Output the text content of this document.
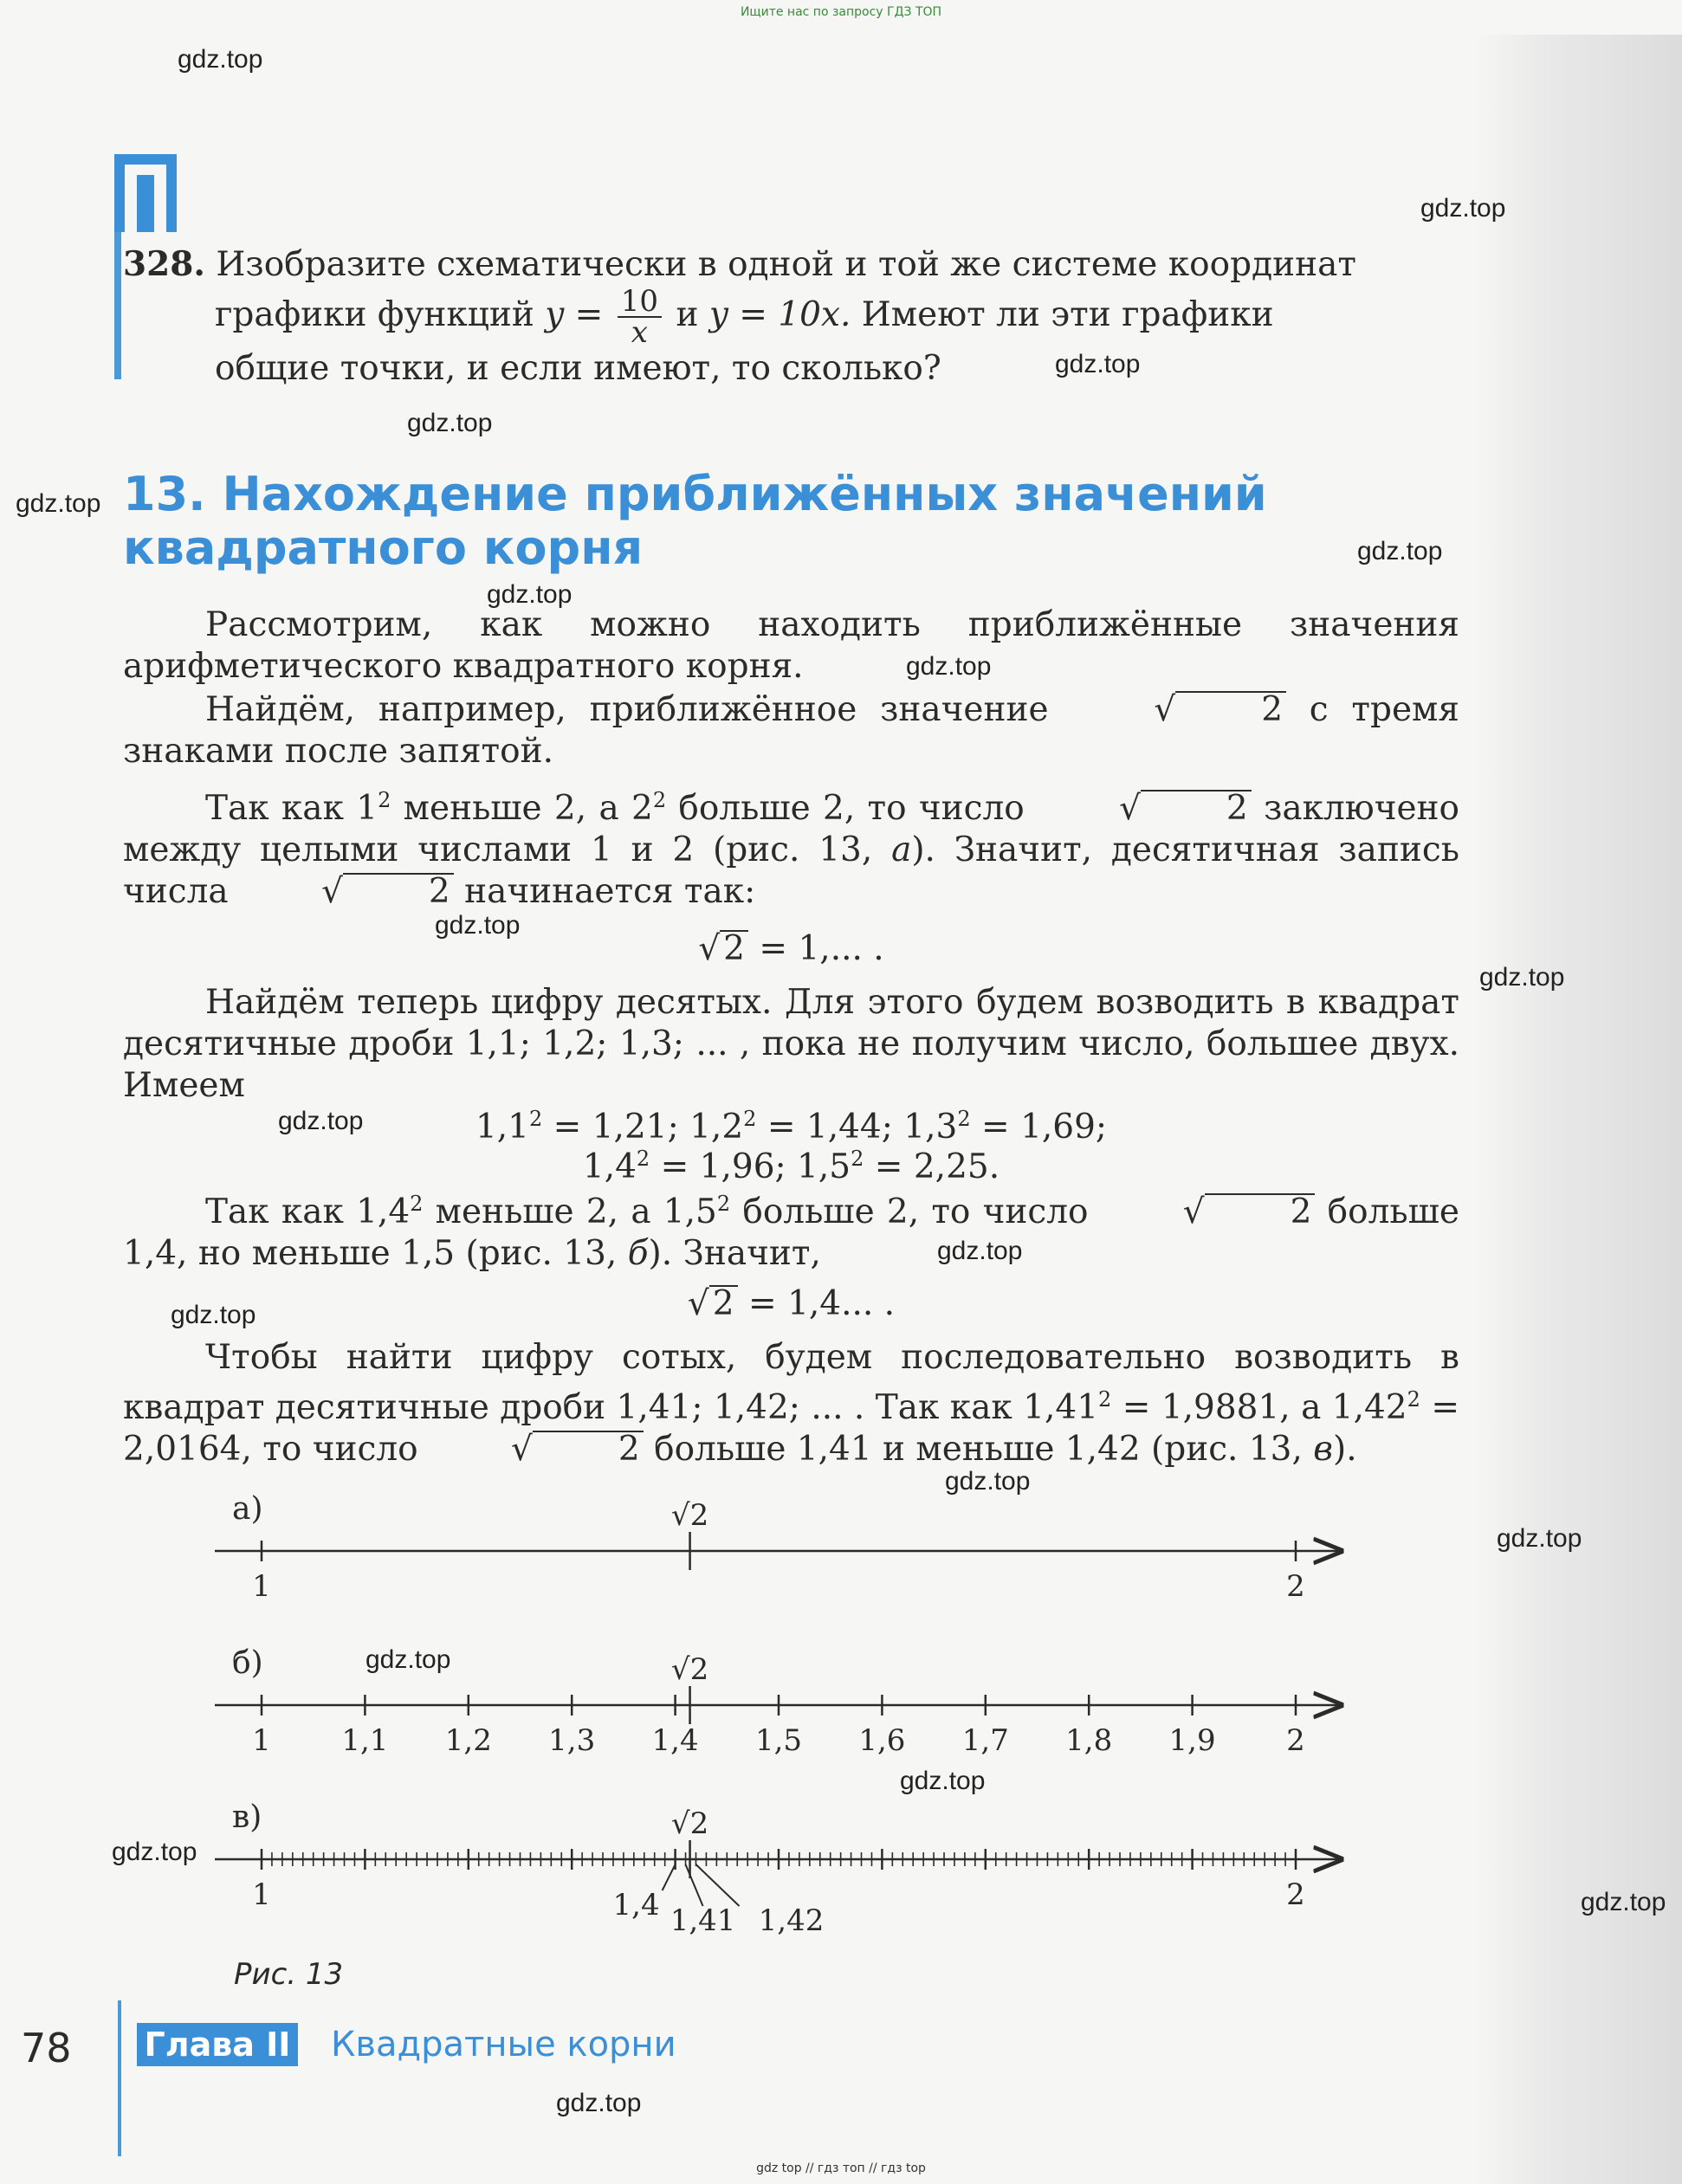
Ищите нас по запросу ГДЗ ТОП
gdz.top
gdz.top
gdz.top
gdz.top
gdz.top
gdz.top
gdz.top
gdz.top
gdz.top
gdz.top
gdz.top
gdz.top
gdz.top
gdz.top
gdz.top
gdz.top
gdz.top
gdz.top
gdz.top
gdz.top
328. Изобразите схематически в одной и той же системе координат
графики функций $y = \frac{10}{x}$ и y = 10x. Имеют ли эти графики
общие точки, и если имеют, то сколько?
13. Нахождение приближённых значений
квадратного корня
Рассмотрим, как можно находить приближённые значения арифметического квадратного корня.
Найдём, например, приближённое значение	√	2 с тремя знаками после запятой.
Так как $1^2$ меньше 2, а $2^2$ больше 2, то число	√	2 заключено между целыми числами 1 и 2 (рис. 13, а). Значит, десятичная запись числа	√	2 начинается так:
√ 2 = 1,... .
Найдём теперь цифру десятых. Для этого будем возводить в квадрат десятичные дроби 1,1; 1,2; 1,3; ... , пока не получим число, большее двух. Имеем
$1,1^2 = 1,21$; $1,2^2 = 1,44$; $1,3^2 = 1,69$;
$1,4^2 = 1,96$; $1,5^2 = 2,25$.
Так как $1,4^2$ меньше 2, а $1,5^2$ больше 2, то число	√	2 больше 1,4, но меньше 1,5 (рис. 13, б). Значит,
√ 2 = 1,4... .
Чтобы найти цифру сотых, будем последовательно возводить в квадрат десятичные дроби 1,41; 1,42; ... . Так как $1,41^2 = 1,9881$, а $1,42^2 = 2,0164$, то число	√	2 больше 1,41 и меньше 1,42 (рис. 13, в).
а)
б)
в)
√2
1	2
1 1,1 1,2 1,3 1,4 1,5 1,6 1,7 1,8 1,9 2
√2
√2
1	2
1,4 1,41 1,42
Рис. 13
78 Глава II Квадратные корни
gdz top // гдз топ // гдз top
